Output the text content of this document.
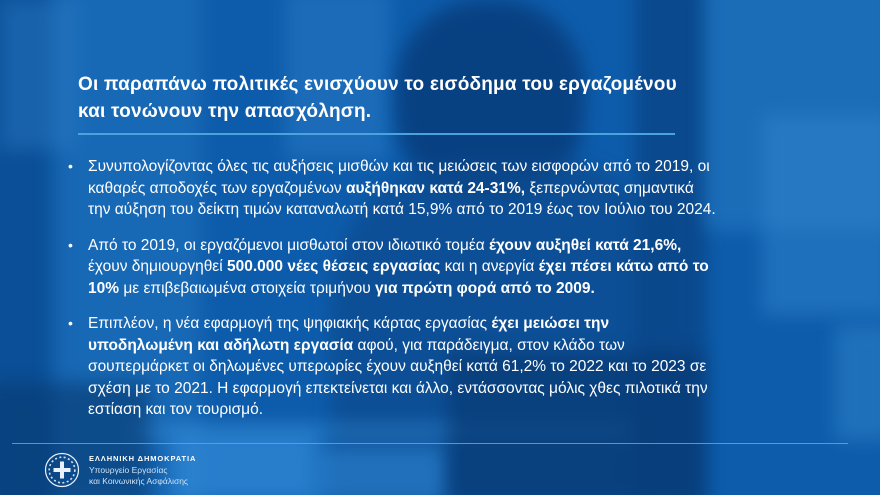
Οι παραπάνω πολιτικές ενισχύουν το εισόδημα του εργαζομένου
και τονώνουν την απασχόληση.
• Συνυπολογίζοντας όλες τις αυξήσεις μισθών και τις μειώσεις των εισφορών από το 2019, οι καθαρές αποδοχές των εργαζομένων αυξήθηκαν κατά 24-31%, ξεπερνώντας σημαντικά την αύξηση του δείκτη τιμών καταναλωτή κατά 15,9% από το 2019 έως τον Ιούλιο του 2024.
• Από το 2019, οι εργαζόμενοι μισθωτοί στον ιδιωτικό τομέα έχουν αυξηθεί κατά 21,6%, έχουν δημιουργηθεί 500.000 νέες θέσεις εργασίας και η ανεργία έχει πέσει κάτω από το 10% με επιβεβαιωμένα στοιχεία τριμήνου για πρώτη φορά από το 2009.
• Επιπλέον, η νέα εφαρμογή της ψηφιακής κάρτας εργασίας έχει μειώσει την υποδηλωμένη και αδήλωτη εργασία αφού, για παράδειγμα, στον κλάδο των σουπερμάρκετ οι δηλωμένες υπερωρίες έχουν αυξηθεί κατά 61,2% το 2022 και το 2023 σε σχέση με το 2021. Η εφαρμογή επεκτείνεται και άλλο, εντάσσοντας μόλις χθες πιλοτικά την εστίαση και τον τουρισμό.
ΕΛΛΗΝΙΚΗ ΔΗΜΟΚΡΑΤΙΑ
Υπουργείο Εργασίας
και Κοινωνικής Ασφάλισης
